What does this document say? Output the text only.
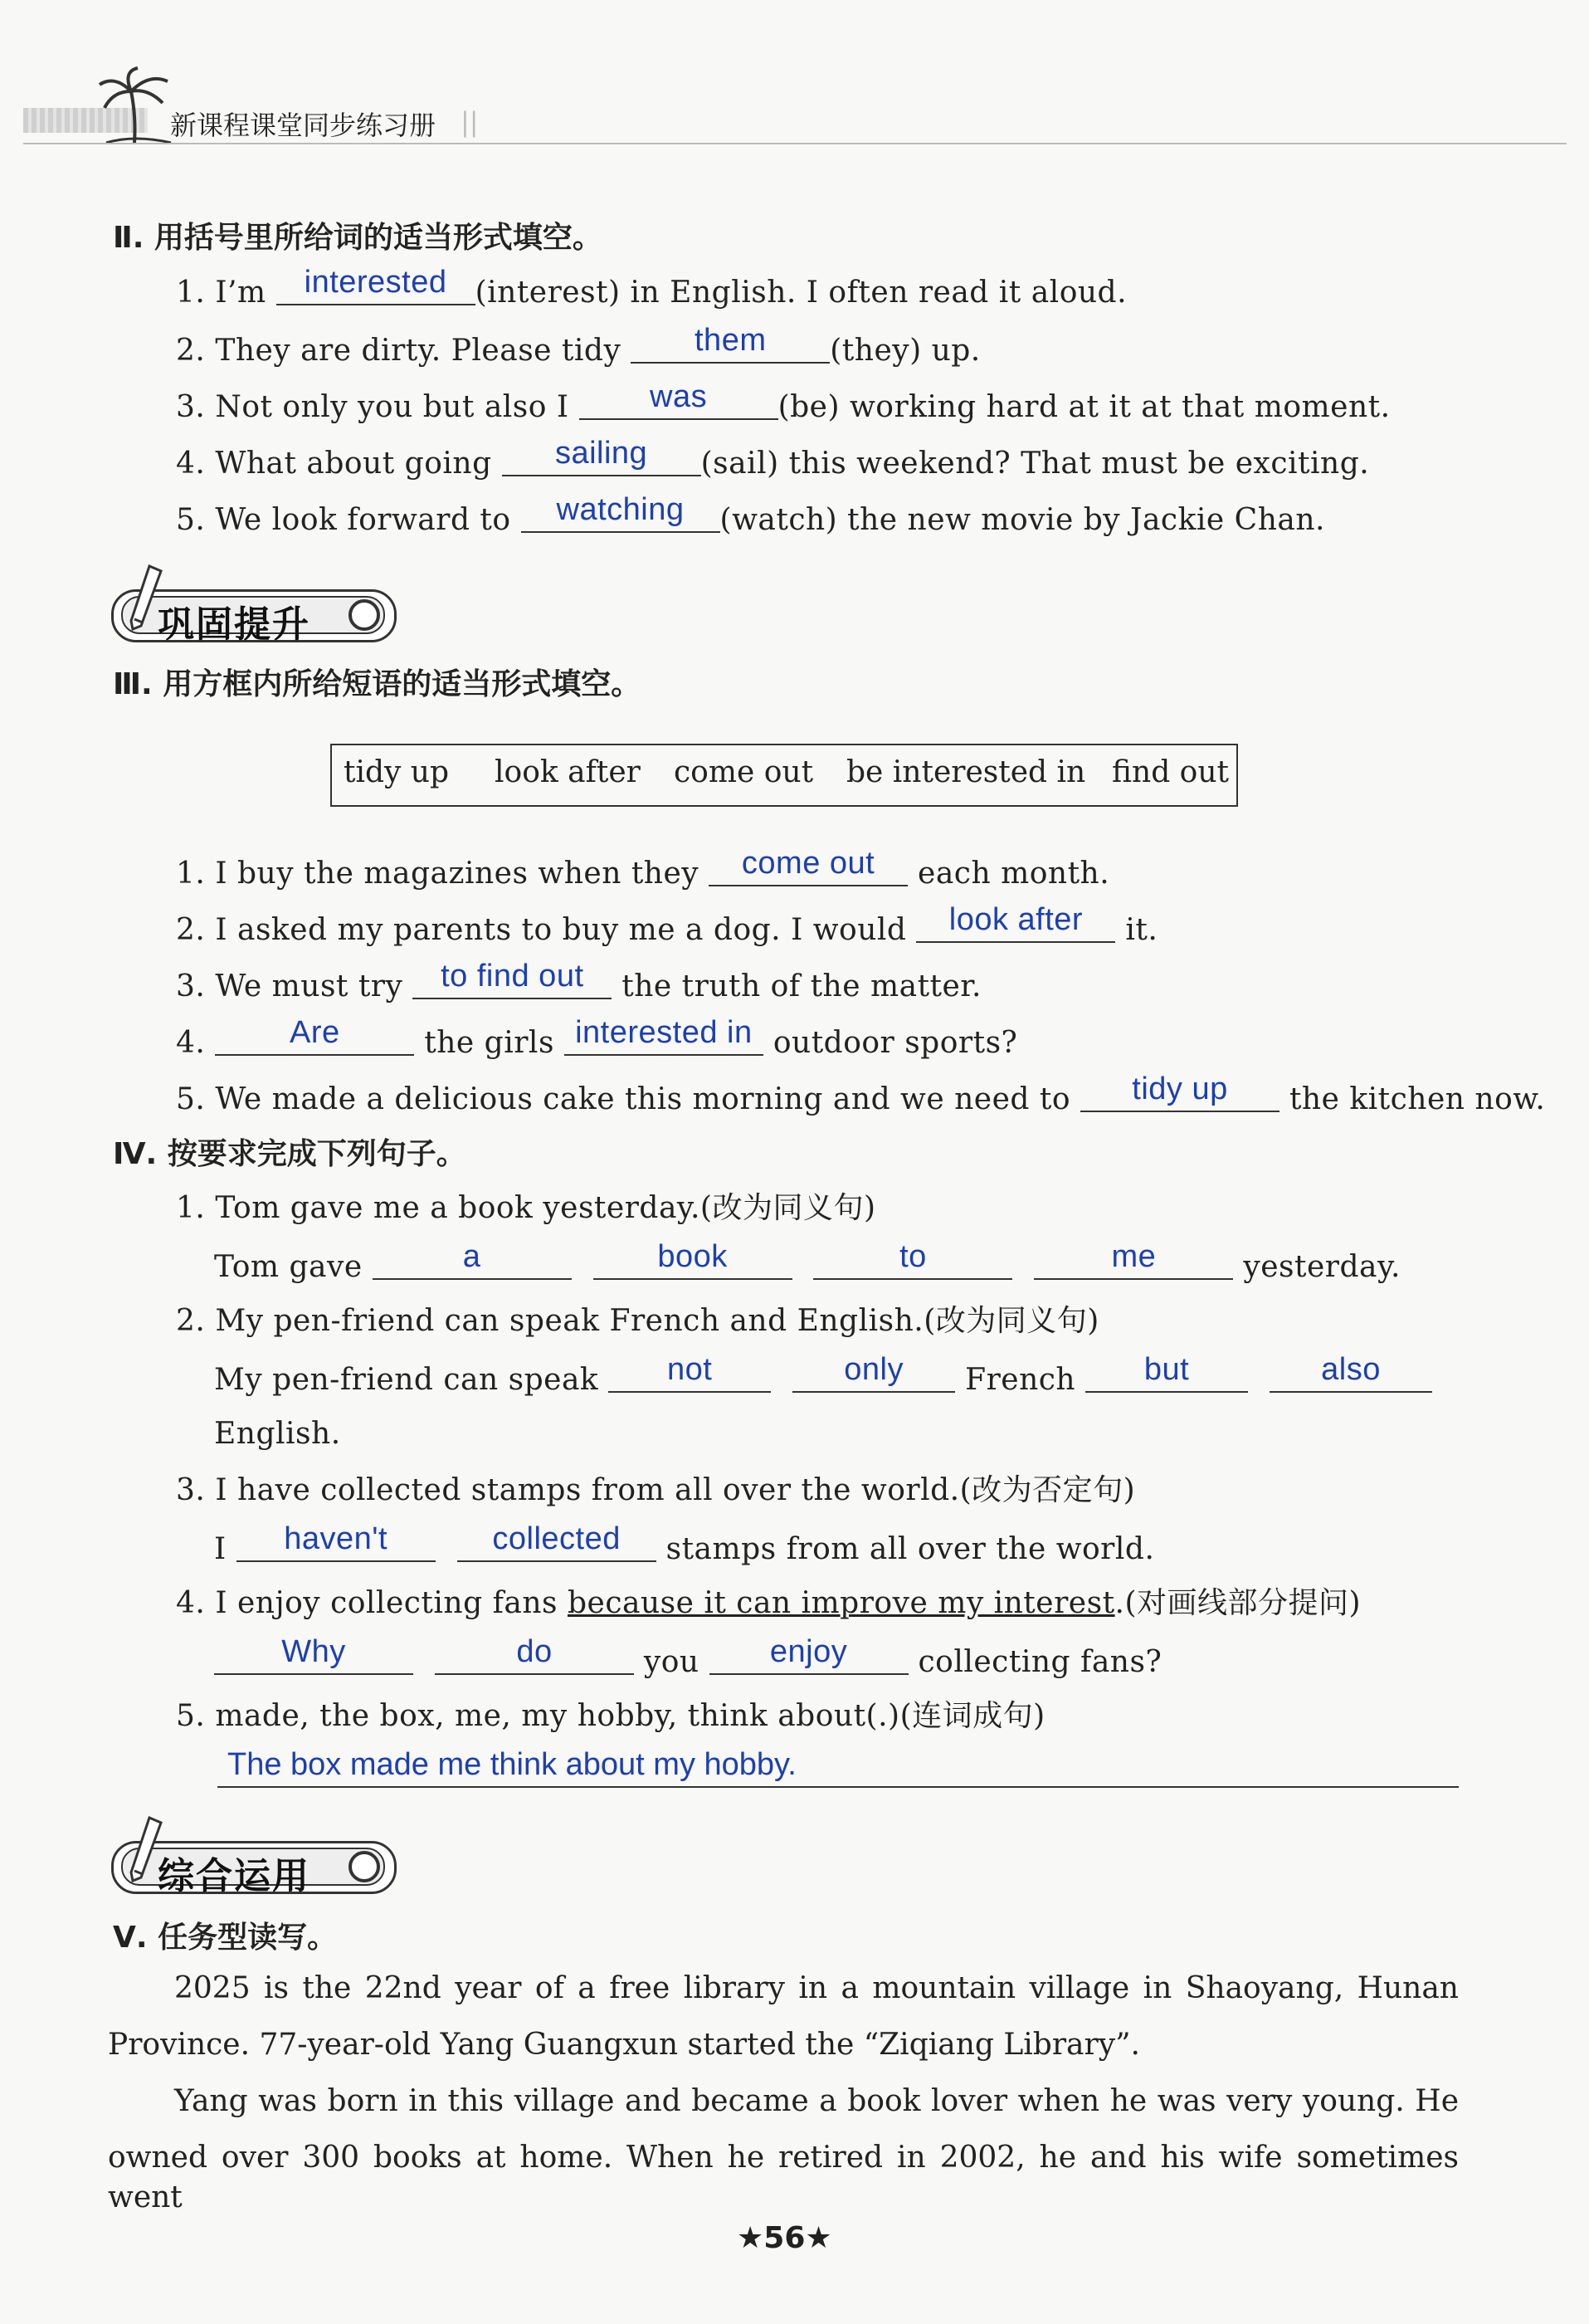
新课程课堂同步练习册 ||
Ⅱ. 用括号里所给词的适当形式填空。
1. I’m	interested (interest) in English. I often read it aloud.
2. They are dirty. Please tidy	them	(they) up.
3. Not only you but also I	was	(be) working hard at it at that moment.
4. What about going	sailing	(sail) this weekend? That must be exciting.
5. We look forward to	watching	(watch) the new movie by Jackie Chan.
巩固提升
Ⅲ. 用方框内所给短语的适当形式填空。
tidy up look after come out be interested in find out
1. I buy the magazines when they	come out	each month.
2. I asked my parents to buy me a dog. I would	look after	it.
3. We must try	to find out	the truth of the matter.
4.	Are	the girls interested in outdoor sports?
5. We made a delicious cake this morning and we need to	tidy up	the kitchen now.
Ⅳ. 按要求完成下列句子。
1. Tom gave me a book yesterday.(改为同义句)
Tom gave	a
	book
	to
	me	yesterday.
2. My pen-friend can speak French and English.(改为同义句)
My pen-friend can speak	not
	only	French	but
	also
English.
3. I have collected stamps from all over the world.(改为否定句)
I	haven't
	collected	stamps from all over the world.
4. I enjoy collecting fans because it can improve my interest.(对画线部分提问)
Why
	do	you	enjoy	collecting fans?
5. made, the box, me, my hobby, think about(.)(连词成句)
The box made me think about my hobby.
综合运用
Ⅴ. 任务型读写。
2025 is the 22nd year of a free library in a mountain village in Shaoyang, Hunan
Province. 77-year-old Yang Guangxun started the “Ziqiang Library”.
Yang was born in this village and became a book lover when he was very young. He
owned over 300 books at home. When he retired in 2002, he and his wife sometimes went
★56★
